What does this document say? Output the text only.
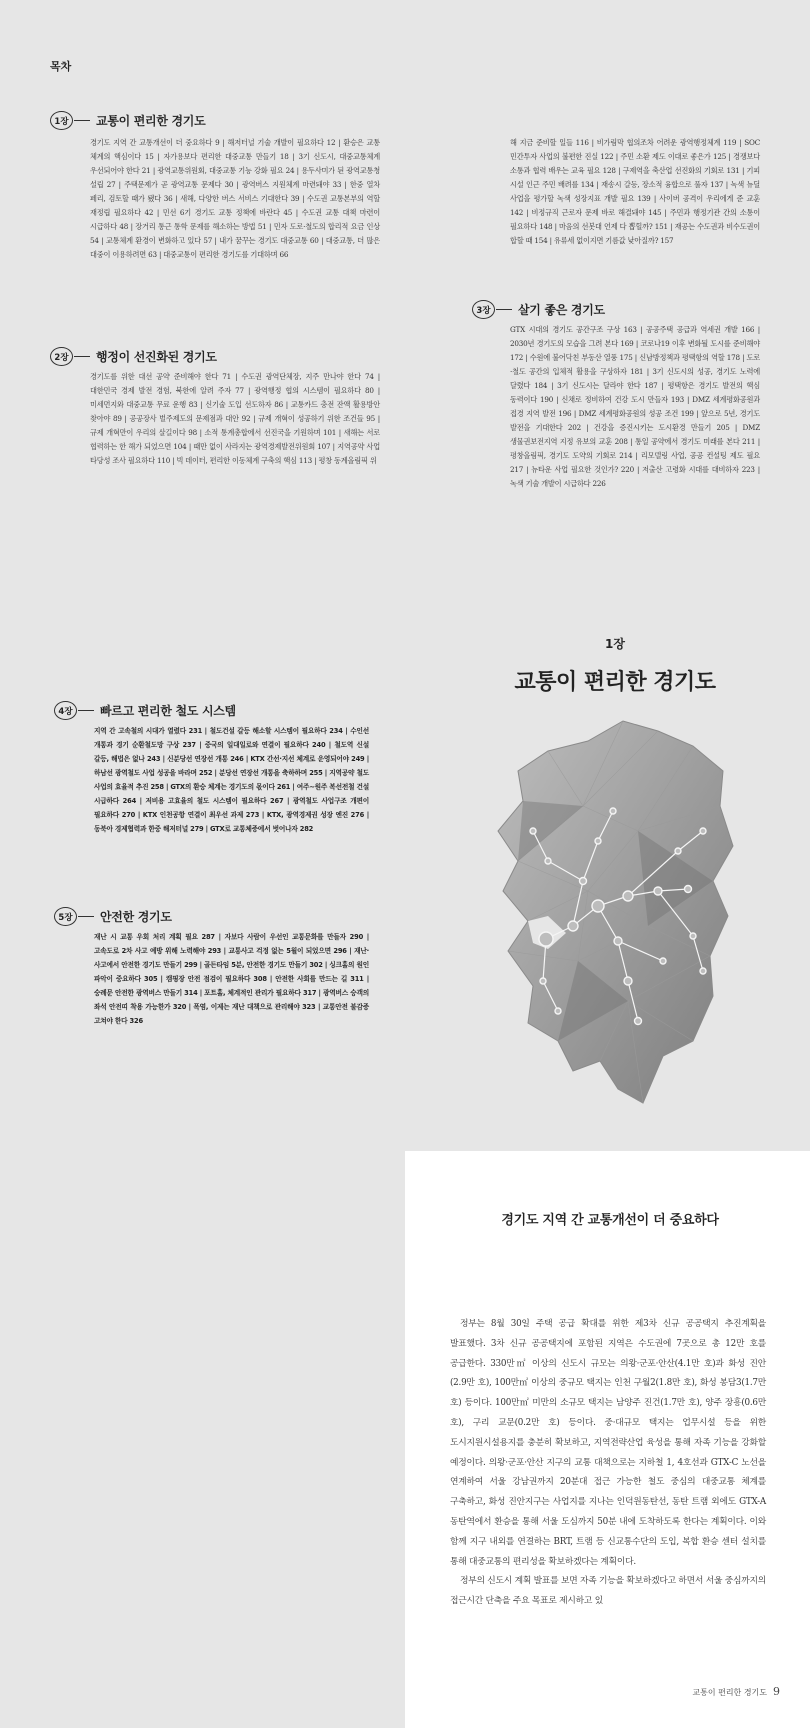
목차
1장	교통이 편리한 경기도
경기도 지역 간 교통개선이 더 중요하다 9 | 해저터널 기술 개발이 필요하다 12 | 환승은 교통 체계의 핵심이다 15 | 자가용보다 편리한 대중교통 만들기 18 | 3기 신도시, 대중교통체계 우선되어야 한다 21 | 광역교통위원회, 대중교통 기능 강화 필요 24 | 용두사미가 된 광역교통청 설립 27 | 주택문제가 곧 광역교통 문제다 30 | 광역버스 지원체계 마련돼야 33 | 한중 열차 페리, 검토할 때가 됐다 36 | 새해, 다양한 버스 서비스 기대한다 39 | 수도권 교통본부의 역할 재정립 필요하다 42 | 민선 6기 경기도 교통 정책에 바란다 45 | 수도권 교통 대책 마련이 시급하다 48 | 장거리 통근 통학 문제를 해소하는 방법 51 | 민자 도로·철도의 합리적 요금 인상 54 | 교통체계 환경이 변화하고 있다 57 | 내가 꿈꾸는 경기도 대중교통 60 | 대중교통, 더 많은 대중이 이용하려면 63 | 대중교통이 편리한 경기도를 기대하며 66
2장	행정이 선진화된 경기도
경기도를 위한 대선 공약 준비해야 한다 71 | 수도권 광역단체장, 지주 만나야 한다 74 | 대한민국 경제 발전 경험, 북한에 알려 주자 77 | 광역행정 협의 시스템이 필요하다 80 | 미세먼지와 대중교통 무료 운행 83 | 신기술 도입 선도하자 86 | 교통카드 충전 잔액 활용방안 찾아야 89 | 공공장사 벌주제도의 문제점과 대안 92 | 규제 개혁이 성공하기 위한 조건들 95 | 규제 개혁만이 우리의 살길이다 98 | 소적 통계총합에서 선진국을 기원하며 101 | 새해는 서로 협력하는 한 해가 되었으면 104 | 때만 없이 사라지는 광역경제발전위원회 107 | 지역공약 사업 타당성 조사 필요하다 110 | 빅 데이터, 편리한 이동체계 구축의 핵심 113 | 평창 동계올림픽 위
해 지금 준비할 일들 116 | 비가림막 협의조차 어려운 광역행정체계 119 | SOC 민간투자 사업의 불편한 진실 122 | 주민 소환 제도 이대로 좋은가 125 | 경쟁보다 소통과 협력 배우는 교육 필요 128 | 구제역을 축산업 선진화의 기회로 131 | 기피 시설 인근 주민 배려를 134 | 재송시 갈등, 장소적 융합으로 풀자 137 | 녹색 뉴딜 사업을 평가할 녹색 성장지표 개발 필요 139 | 사이버 공격이 우리에게 준 교훈 142 | 비정규직 근로자 문제 바로 해결돼야 145 | 주민과 행정기관 간의 소통이 필요하다 148 | 마음의 선봇대 언제 다 뽑힐까? 151 | 재공는 수도권과 비수도권이 합할 때 154 | 유류세 없이지면 기름값 낮아질까? 157
3장	살기 좋은 경기도
GTX 시대의 경기도 공간구조 구상 163 | 공공주택 공급과 역세권 개발 166 | 2030년 경기도의 모습을 그려 본다 169 | 코로나19 이후 변화될 도시를 준비해야 172 | 수원에 불어닥친 부동산 열풍 175 | 신남방정책과 평택항의 역할 178 | 도로·철도 공간의 입체적 활용을 구상하자 181 | 3기 신도시의 성공, 경기도 노력에 달렸다 184 | 3기 신도시는 달라야 한다 187 | 평택항은 경기도 발전의 핵심 동력이다 190 | 신채로 정비하여 건강 도시 만들자 193 | DMZ 세계평화공원과 접경 지역 발전 196 | DMZ 세계평화공원의 성공 조건 199 | 앞으로 5년, 경기도 발전을 기대한다 202 | 건강을 증진시키는 도시환경 만들기 205 | DMZ 생물권보전지역 지정 유보의 교훈 208 | 통일 공약에서 경기도 미래를 본다 211 | 평창올림픽, 경기도 도약의 기회로 214 | 리모델링 사업, 공공 컨설팅 제도 필요 217 | 뉴타운 사업 필요한 것인가? 220 | 저출산 고령화 시대를 대비하자 223 | 녹색 기술 개발이 시급하다 226
4장	빠르고 편리한 철도 시스템
지역 간 고속철의 시대가 열렸다 231 | 철도건설 갈등 해소할 시스템이 필요하다 234 | 수인선 개통과 경기 순환철도망 구상 237 | 중국의 일대일로와 연결이 필요하다 240 | 철도역 신설 갈등, 해법은 없나 243 | 신분당선 연장선 개통 246 | KTX 간선·지선 체계로 운영되어야 249 | 하남선 광역철도 사업 성공을 바라며 252 | 분당선 연장선 개통을 축하하며 255 | 지역공약 철도 사업의 효율적 추진 258 | GTX의 환승 체계는 경기도의 몫이다 261 | 여주~원주 복선전철 건설 시급하다 264 | 저비용 고효율의 철도 시스템이 필요하다 267 | 광역철도 사업구조 개편이 필요하다 270 | KTX 인천공항 연결이 최우선 과제 273 | KTX, 광역경제권 성장 엔진 276 | 동북아 경제협력과 한중 해저터널 279 | GTX로 교통체증에서 벗어나자 282
5장	안전한 경기도
재난 시 교통 우회 처리 계획 필요 287 | 자보다 사람이 우선인 교통문화를 만들자 290 | 고속도로 2차 사고 예방 위해 노력해야 293 | 교통사고 걱정 없는 5월이 되었으면 296 | 재난·사고에서 안전한 경기도 만들기 299 | 골든타임 5분, 안전한 경기도 만들기 302 | 싱크홀의 원인 파악이 중요하다 305 | 캠핑장 안전 점검이 필요하다 308 | 안전한 사회를 만드는 길 311 | 숭례문 안전한 광역버스 만들기 314 | 포트홀, 체계적인 관리가 필요하다 317 | 광역버스 승객의 좌석 안전띠 착용 가능한가 320 | 폭염, 이제는 재난 대책으로 관리해야 323 | 교통안전 불감증 고쳐야 한다 326
1장
교통이 편리한 경기도
경기도 지역 간 교통개선이 더 중요하다

정부는 8월 30일 주택 공급 확대를 위한 제3차 신규 공공택지 추진계획을 발표했다. 3차 신규 공공택지에 포함된 지역은 수도권에 7곳으로 총 12만 호를 공급한다. 330만㎡ 이상의 신도시 규모는 의왕·군포·안산(4.1만 호)과 화성 진안(2.9만 호), 100만㎡ 이상의 중규모 택지는 인천 구월2(1.8만 호), 화성 봉담3(1.7만 호) 등이다. 100만㎡ 미만의 소규모 택지는 남양주 진건(1.7만 호), 양주 장흥(0.6만 호), 구리 교문(0.2만 호) 등이다. 중·대규모 택지는 업무시설 등을 위한 도시지원시설용지를 충분히 확보하고, 지역전략산업 육성을 통해 자족 기능을 강화할 예정이다. 의왕·군포·안산 지구의 교통 대책으로는 지하철 1, 4호선과 GTX-C 노선을 연계하여 서울 강남권까지 20분대 접근 가능한 철도 중심의 대중교통 체계를 구축하고, 화성 진안지구는 사업지를 지나는 인덕원동탄선, 동탄 트램 외에도 GTX-A 동탄역에서 환승을 통해 서울 도심까지 50분 내에 도착하도록 한다는 계획이다. 이와 함께 지구 내외를 연결하는 BRT, 트램 등 신교통수단의 도입, 복합 환승 센터 설치를 통해 대중교통의 편리성을 확보하겠다는 계획이다.

정부의 신도시 계획 발표를 보면 자족 기능을 확보하겠다고 하면서 서울 중심까지의 접근시간 단축을 주요 목표로 제시하고 있

교통이 편리한 경기도 9
